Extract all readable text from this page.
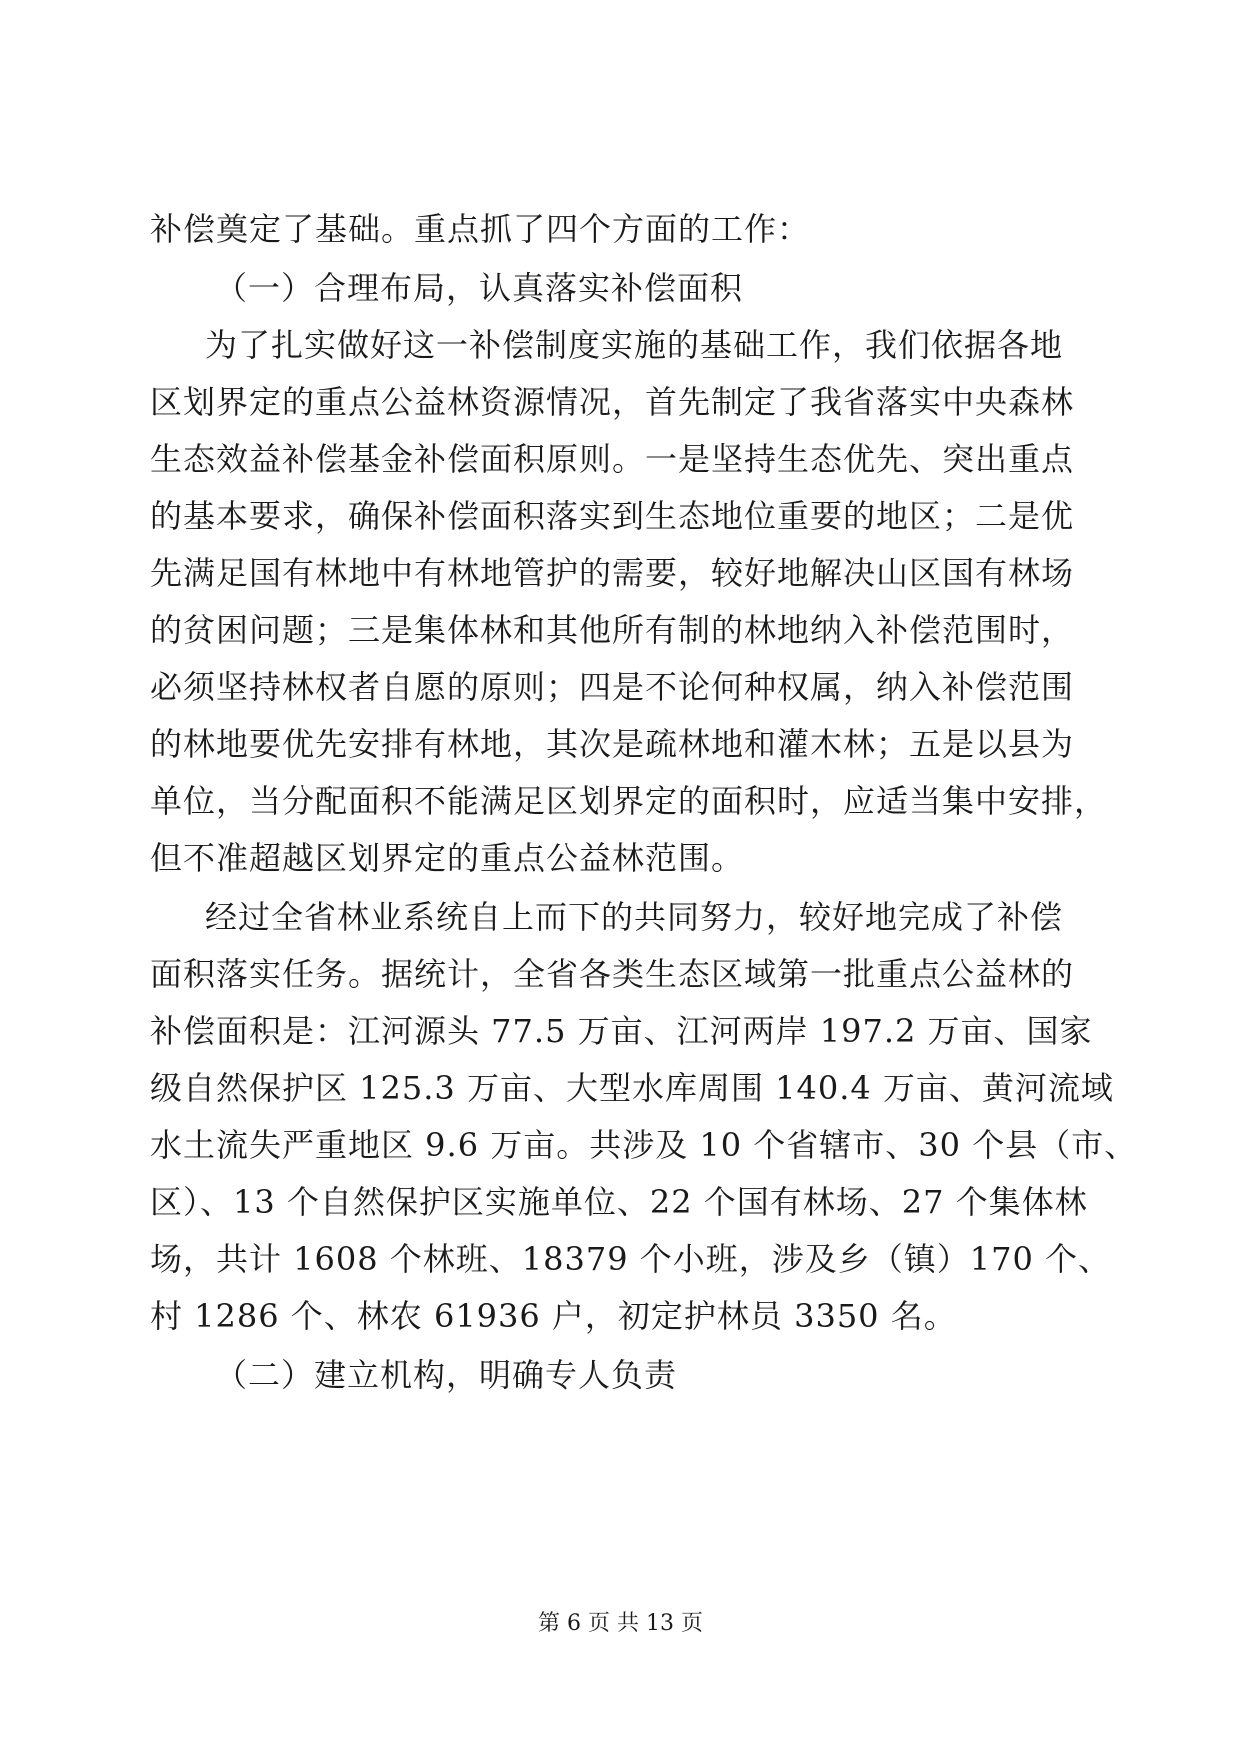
补偿奠定了基础。重点抓了四个方面的工作：
（一）合理布局，认真落实补偿面积
为了扎实做好这一补偿制度实施的基础工作，我们依据各地
区划界定的重点公益林资源情况，首先制定了我省落实中央森林
生态效益补偿基金补偿面积原则。一是坚持生态优先、突出重点
的基本要求，确保补偿面积落实到生态地位重要的地区；二是优
先满足国有林地中有林地管护的需要，较好地解决山区国有林场
的贫困问题；三是集体林和其他所有制的林地纳入补偿范围时，
必须坚持林权者自愿的原则；四是不论何种权属，纳入补偿范围
的林地要优先安排有林地，其次是疏林地和灌木林；五是以县为
单位，当分配面积不能满足区划界定的面积时，应适当集中安排，
但不准超越区划界定的重点公益林范围。
经过全省林业系统自上而下的共同努力，较好地完成了补偿
面积落实任务。据统计，全省各类生态区域第一批重点公益林的
补偿面积是：江河源头 77.5 万亩、江河两岸 197.2 万亩、国家
级自然保护区 125.3 万亩、大型水库周围 140.4 万亩、黄河流域
水土流失严重地区 9.6 万亩。共涉及 10 个省辖市、30 个县（市、
区）、13 个自然保护区实施单位、22 个国有林场、27 个集体林
场，共计 1608 个林班、18379 个小班，涉及乡（镇）170 个、
村 1286 个、林农 61936 户，初定护林员 3350 名。
（二）建立机构，明确专人负责
第 6 页 共 13 页
